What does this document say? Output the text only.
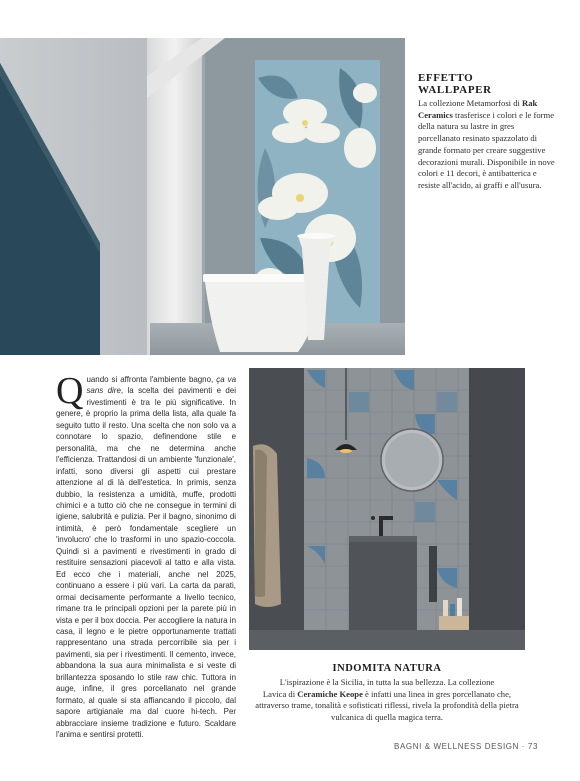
EFFETTO
WALLPAPER
La collezione Metamorfosi di Rak Ceramics trasferisce i colori e le forme della natura su lastre in gres porcellanato resinato spazzolato di grande formato per creare suggestive decorazioni murali. Disponibile in nove colori e 11 decori, è antibatterica e resiste all'acido, ai graffi e all'usura.
Quando si affronta l'ambiente bagno, ça va sans dire, la scelta dei pavimenti e dei rivestimenti è tra le più significative. In genere, è proprio la prima della lista, alla quale fa seguito tutto il resto. Una scelta che non solo va a connotare lo spazio, definendone stile e personalità, ma che ne determina anche l'efficienza. Trattandosi di un ambiente 'funzionale', infatti, sono diversi gli aspetti cui prestare attenzione al di là dell'estetica. In primis, senza dubbio, la resistenza a umidità, muffe, prodotti chimici e a tutto ciò che ne consegue in termini di igiene, salubrità e pulizia. Per il bagno, sinonimo di intimità, è però fondamentale scegliere un 'involucro' che lo trasformi in uno spazio-coccola. Quindi sì a pavimenti e rivestimenti in grado di restituire sensazioni piacevoli al tatto e alla vista. Ed ecco che i materiali, anche nel 2025, continuano a essere i più vari. La carta da parati, ormai decisamente performante a livello tecnico, rimane tra le principali opzioni per la parete più in vista e per il box doccia. Per accogliere la natura in casa, il legno e le pietre opportunamente trattati rappresentano una strada percorribile sia per i pavimenti, sia per i rivestimenti. Il cemento, invece, abbandona la sua aura minimalista e si veste di brillantezza sposando lo stile raw chic. Tuttora in auge, infine, il gres porcellanato nel grande formato, al quale si sta affiancando il piccolo, dal sapore artigianale ma dal cuore hi-tech. Per abbracciare insieme tradizione e futuro. Scaldare l'anima e sentirsi protetti.
INDOMITA NATURA
L'ispirazione è la Sicilia, in tutta la sua bellezza. La collezione
Lavica di Ceramiche Keope è infatti una linea in gres porcellanato che, attraverso trame, tonalità e sofisticati riflessi, rivela la profondità della pietra vulcanica di quella magica terra.
BAGNI & WELLNESS DESIGN · 73
